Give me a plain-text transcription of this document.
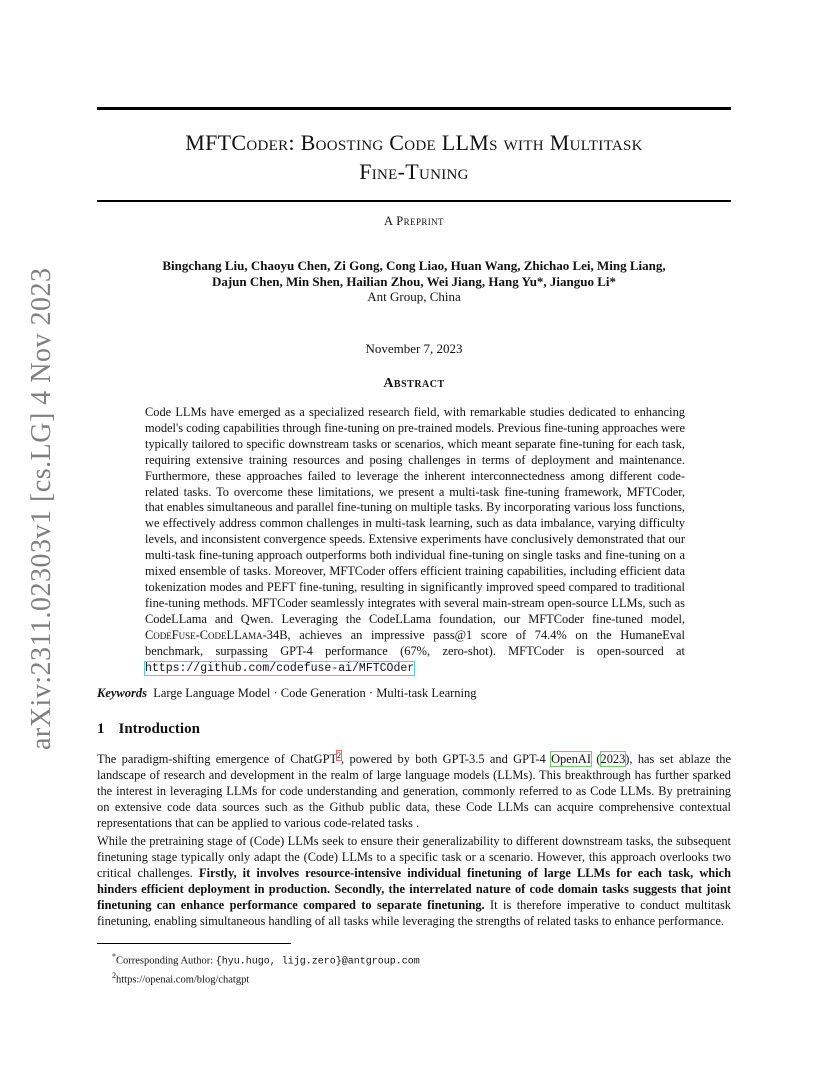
arXiv:2311.02303v1 [cs.LG] 4 Nov 2023
MFTCoder: Boosting Code LLMs with Multitask
Fine-Tuning
A Preprint
Bingchang Liu, Chaoyu Chen, Zi Gong, Cong Liao, Huan Wang, Zhichao Lei, Ming Liang,
Dajun Chen, Min Shen, Hailian Zhou, Wei Jiang, Hang Yu*, Jianguo Li*
Ant Group, China
November 7, 2023
Abstract
Code LLMs have emerged as a specialized research field, with remarkable studies dedicated to enhancing model's coding capabilities through fine-tuning on pre-trained models. Previous fine-tuning approaches were typically tailored to specific downstream tasks or scenarios, which meant separate fine-tuning for each task, requiring extensive training resources and posing challenges in terms of deployment and maintenance. Furthermore, these approaches failed to leverage the inherent interconnectedness among different code-related tasks. To overcome these limitations, we present a multi-task fine-tuning framework, MFTCoder, that enables simultaneous and parallel fine-tuning on multiple tasks. By incorporating various loss functions, we effectively address common challenges in multi-task learning, such as data imbalance, varying difficulty levels, and inconsistent convergence speeds. Extensive experiments have conclusively demonstrated that our multi-task fine-tuning approach outperforms both individual fine-tuning on single tasks and fine-tuning on a mixed ensemble of tasks. Moreover, MFTCoder offers efficient training capabilities, including efficient data tokenization modes and PEFT fine-tuning, resulting in significantly improved speed compared to traditional fine-tuning methods. MFTCoder seamlessly integrates with several main-stream open-source LLMs, such as CodeLLama and Qwen. Leveraging the CodeLLama foundation, our MFTCoder fine-tuned model, CodeFuse-CodeLLama-34B, achieves an impressive pass@1 score of 74.4% on the HumaneEval benchmark, surpassing GPT-4 performance (67%, zero-shot). MFTCoder is open-sourced at https://github.com/codefuse-ai/MFTCOder
Keywords Large Language Model · Code Generation · Multi-task Learning
1 Introduction
The paradigm-shifting emergence of ChatGPT$^2$, powered by both GPT-3.5 and GPT-4 OpenAI (2023), has set ablaze the landscape of research and development in the realm of large language models (LLMs). This breakthrough has further sparked the interest in leveraging LLMs for code understanding and generation, commonly referred to as Code LLMs. By pretraining on extensive code data sources such as the Github public data, these Code LLMs can acquire comprehensive contextual representations that can be applied to various code-related tasks .
While the pretraining stage of (Code) LLMs seek to ensure their generalizability to different downstream tasks, the subsequent finetuning stage typically only adapt the (Code) LLMs to a specific task or a scenario. However, this approach overlooks two critical challenges. Firstly, it involves resource-intensive individual finetuning of large LLMs for each task, which hinders efficient deployment in production. Secondly, the interrelated nature of code domain tasks suggests that joint finetuning can enhance performance compared to separate finetuning. It is therefore imperative to conduct multitask finetuning, enabling simultaneous handling of all tasks while leveraging the strengths of related tasks to enhance performance.
*Corresponding Author: {hyu.hugo, lijg.zero}@antgroup.com
$^2$https://openai.com/blog/chatgpt
